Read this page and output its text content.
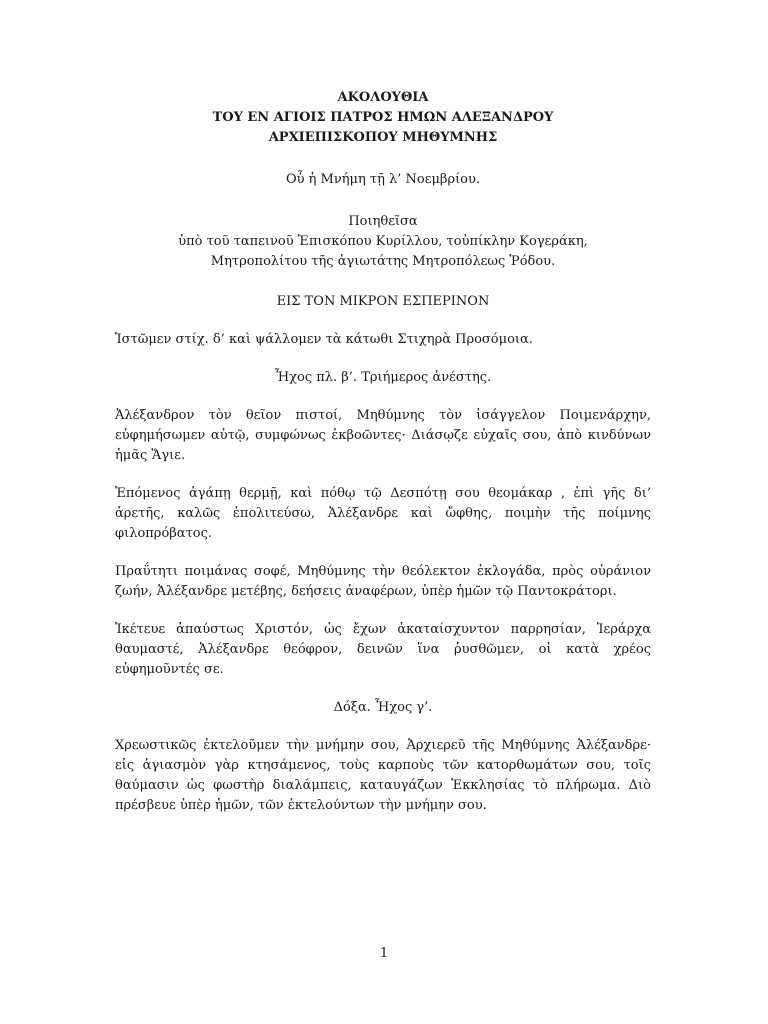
ΑΚΟΛΟΥΘΙΑ
ΤΟΥ ΕΝ ΑΓΙΟΙΣ ΠΑΤΡΟΣ ΗΜΩΝ ΑΛΕΞΑΝΔΡΟΥ
ΑΡΧΙΕΠΙΣΚΟΠΟΥ ΜΗΘΥΜΝΗΣ
Οὗ ἡ Μνήμη τῇ λ’ Νοεμβρίου.
Ποιηθεῖσα
ὑπὸ τοῦ ταπεινοῦ Ἐπισκόπου Κυρίλλου, τοὐπίκλην Κογεράκη,
Μητροπολίτου τῆς ἁγιωτάτης Μητροπόλεως Ῥόδου.
ΕΙΣ ΤΟΝ ΜΙΚΡΟΝ ΕΣΠΕΡΙΝΟΝ
Ἱστῶμεν στίχ. δ’ καὶ ψάλλομεν τὰ κάτωθι Στιχηρὰ Προσόμοια.
Ἦχος πλ. β’. Τριήμερος ἀνέστης.
Ἀλέξανδρον τὸν θεῖον πιστοί, Μηθύμνης τὸν ἰσάγγελον Ποιμενάρχην, εὐφημήσωμεν αὐτῷ, συμφώνως ἐκβοῶντες· Διάσῳζε εὐχαῖς σου, ἀπὸ κινδύνων ἡμᾶς Ἅγιε.
Ἑπόμενος ἀγάπῃ θερμῇ, καὶ πόθῳ τῷ Δεσπότῃ σου θεομάκαρ , ἐπὶ γῆς δι’ ἀρετῆς, καλῶς ἐπολιτεύσω, Ἀλέξανδρε καὶ ὤφθης, ποιμὴν τῆς ποίμνης φιλοπρόβατος.
Πραΰτητι ποιμάνας σοφέ, Μηθύμνης τὴν θεόλεκτον ἐκλογάδα, πρὸς οὐράνιον ζωήν, Ἀλέξανδρε μετέβης, δεήσεις ἀναφέρων, ὑπὲρ ἡμῶν τῷ Παντοκράτορι.
Ἱκέτευε ἀπαύστως Χριστόν, ὡς ἔχων ἀκαταίσχυντον παρρησίαν, Ἱεράρχα θαυμαστέ, Ἀλέξανδρε θεόφρον, δεινῶν ἵνα ῥυσθῶμεν, οἱ κατὰ χρέος εὐφημοῦντές σε.
Δόξα. Ἦχος γ’.
Χρεωστικῶς ἐκτελοῦμεν τὴν μνήμην σου, Ἀρχιερεῦ τῆς Μηθύμνης Ἀλέξανδρε· εἰς ἁγιασμὸν γὰρ κτησάμενος, τοὺς καρποὺς τῶν κατορθωμάτων σου, τοῖς θαύμασιν ὡς φωστὴρ διαλάμπεις, καταυγάζων Ἐκκλησίας τὸ πλήρωμα. Διὸ πρέσβευε ὑπὲρ ἡμῶν, τῶν ἐκτελούντων τὴν μνήμην σου.
1
